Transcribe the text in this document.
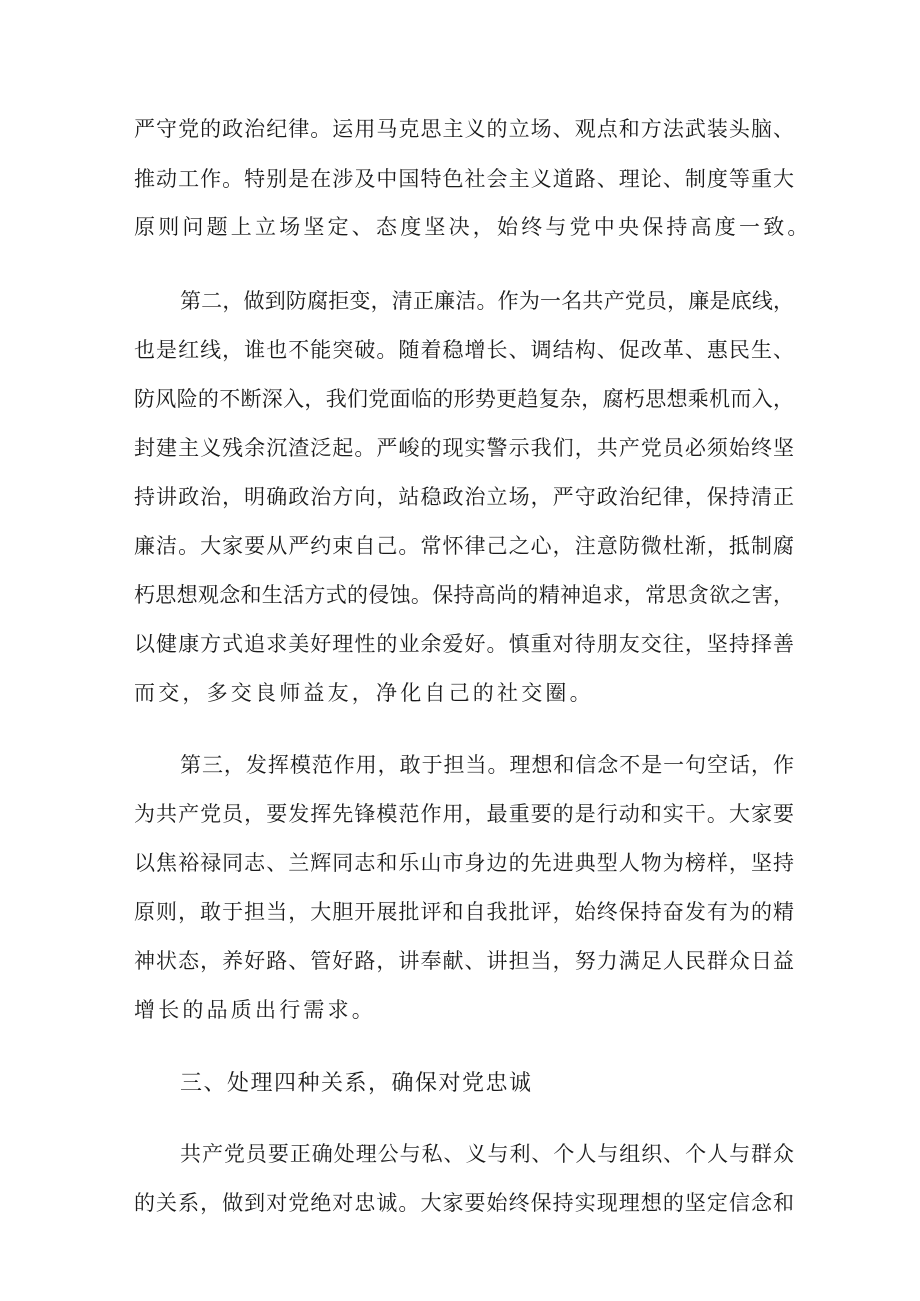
严守党的政治纪律。运用马克思主义的立场、观点和方法武装头脑、
推动工作。特别是在涉及中国特色社会主义道路、理论、制度等重大
原则问题上立场坚定、态度坚决，始终与党中央保持高度一致。
第二，做到防腐拒变，清正廉洁。作为一名共产党员，廉是底线，
也是红线，谁也不能突破。随着稳增长、调结构、促改革、惠民生、
防风险的不断深入，我们党面临的形势更趋复杂，腐朽思想乘机而入，
封建主义残余沉渣泛起。严峻的现实警示我们，共产党员必须始终坚
持讲政治，明确政治方向，站稳政治立场，严守政治纪律，保持清正
廉洁。大家要从严约束自己。常怀律己之心，注意防微杜渐，抵制腐
朽思想观念和生活方式的侵蚀。保持高尚的精神追求，常思贪欲之害，
以健康方式追求美好理性的业余爱好。慎重对待朋友交往，坚持择善
而交，多交良师益友，净化自己的社交圈。
第三，发挥模范作用，敢于担当。理想和信念不是一句空话，作
为共产党员，要发挥先锋模范作用，最重要的是行动和实干。大家要
以焦裕禄同志、兰辉同志和乐山市身边的先进典型人物为榜样，坚持
原则，敢于担当，大胆开展批评和自我批评，始终保持奋发有为的精
神状态，养好路、管好路，讲奉献、讲担当，努力满足人民群众日益
增长的品质出行需求。
三、处理四种关系，确保对党忠诚
共产党员要正确处理公与私、义与利、个人与组织、个人与群众
的关系，做到对党绝对忠诚。大家要始终保持实现理想的坚定信念和
